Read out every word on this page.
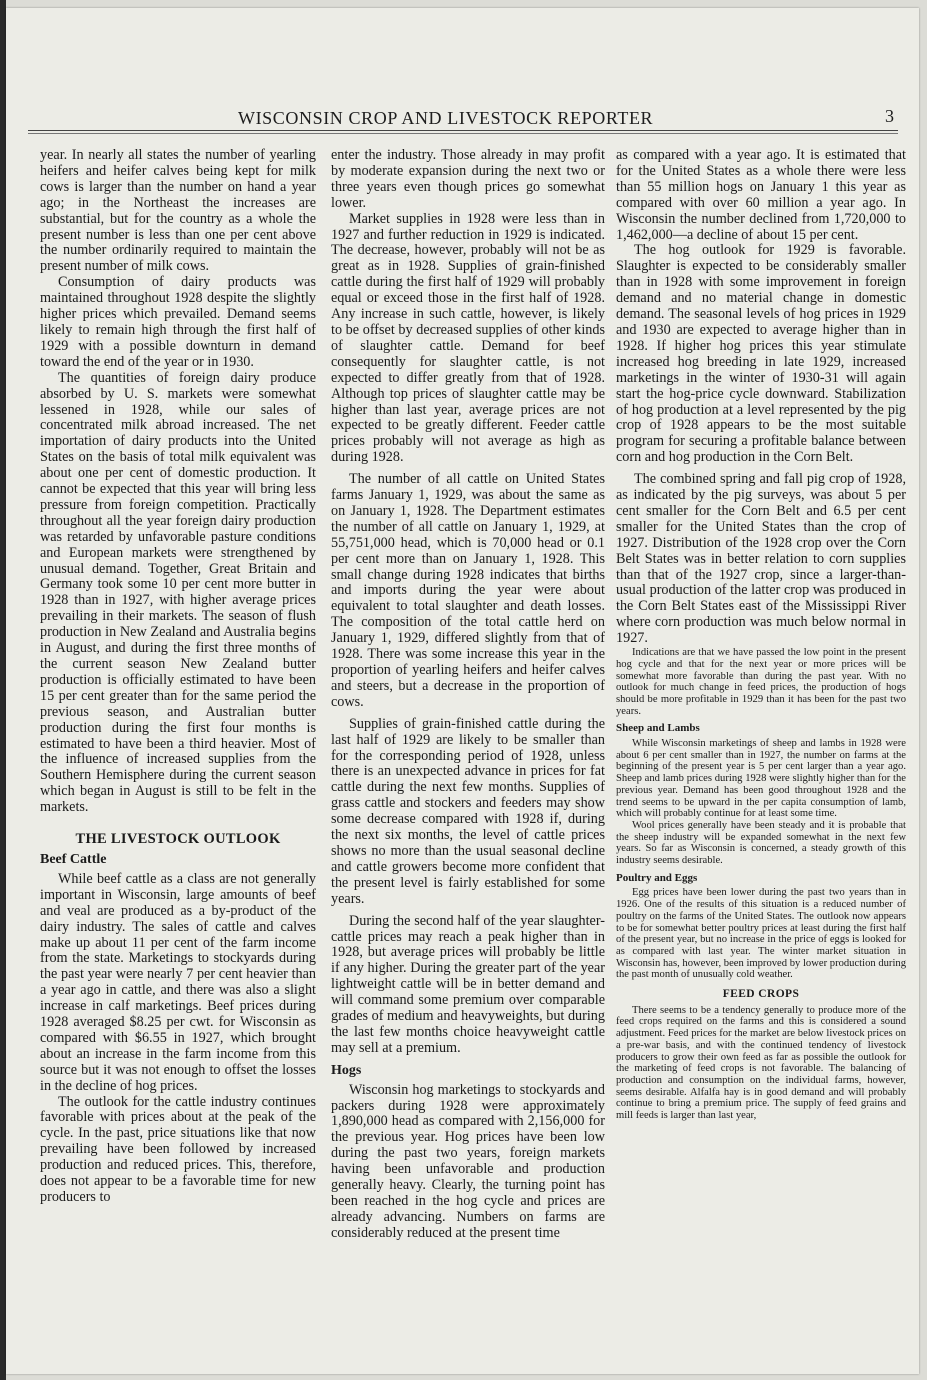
WISCONSIN CROP AND LIVESTOCK REPORTER	3

year. In nearly all states the number of yearling heifers and heifer calves being kept for milk cows is larger than the number on hand a year ago; in the Northeast the increases are substantial, but for the country as a whole the present number is less than one per cent above the number ordinarily required to maintain the present number of milk cows.

Consumption of dairy products was maintained throughout 1928 despite the slightly higher prices which prevailed. Demand seems likely to remain high through the first half of 1929 with a possible downturn in demand toward the end of the year or in 1930.

The quantities of foreign dairy produce absorbed by U. S. markets were somewhat lessened in 1928, while our sales of concentrated milk abroad increased. The net importation of dairy products into the United States on the basis of total milk equivalent was about one per cent of domestic production. It cannot be expected that this year will bring less pressure from foreign competition. Practically throughout all the year foreign dairy production was retarded by unfavorable pasture conditions and European markets were strengthened by unusual demand. Together, Great Britain and Germany took some 10 per cent more butter in 1928 than in 1927, with higher average prices prevailing in their markets. The season of flush production in New Zealand and Australia begins in August, and during the first three months of the current season New Zealand butter production is officially estimated to have been 15 per cent greater than for the same period the previous season, and Australian butter production during the first four months is estimated to have been a third heavier. Most of the influence of increased supplies from the Southern Hemisphere during the current season which began in August is still to be felt in the markets.

THE LIVESTOCK OUTLOOK
Beef Cattle

While beef cattle as a class are not generally important in Wisconsin, large amounts of beef and veal are produced as a by-product of the dairy industry. The sales of cattle and calves make up about 11 per cent of the farm income from the state. Marketings to stockyards during the past year were nearly 7 per cent heavier than a year ago in cattle, and there was also a slight increase in calf marketings. Beef prices during 1928 averaged $8.25 per cwt. for Wisconsin as compared with $6.55 in 1927, which brought about an increase in the farm income from this source but it was not enough to offset the losses in the decline of hog prices.

The outlook for the cattle industry continues favorable with prices about at the peak of the cycle. In the past, price situations like that now prevailing have been followed by increased production and reduced prices. This, therefore, does not appear to be a favorable time for new producers to

enter the industry. Those already in may profit by moderate expansion during the next two or three years even though prices go somewhat lower.

Market supplies in 1928 were less than in 1927 and further reduction in 1929 is indicated. The decrease, however, probably will not be as great as in 1928. Supplies of grain-finished cattle during the first half of 1929 will probably equal or exceed those in the first half of 1928. Any increase in such cattle, however, is likely to be offset by decreased supplies of other kinds of slaughter cattle. Demand for beef consequently for slaughter cattle, is not expected to differ greatly from that of 1928. Although top prices of slaughter cattle may be higher than last year, average prices are not expected to be greatly different. Feeder cattle prices probably will not average as high as during 1928.

The number of all cattle on United States farms January 1, 1929, was about the same as on January 1, 1928. The Department estimates the number of all cattle on January 1, 1929, at 55,751,000 head, which is 70,000 head or 0.1 per cent more than on January 1, 1928. This small change during 1928 indicates that births and imports during the year were about equivalent to total slaughter and death losses. The composition of the total cattle herd on January 1, 1929, differed slightly from that of 1928. There was some increase this year in the proportion of yearling heifers and heifer calves and steers, but a decrease in the proportion of cows.

Supplies of grain-finished cattle during the last half of 1929 are likely to be smaller than for the corresponding period of 1928, unless there is an unexpected advance in prices for fat cattle during the next few months. Supplies of grass cattle and stockers and feeders may show some decrease compared with 1928 if, during the next six months, the level of cattle prices shows no more than the usual seasonal decline and cattle growers become more confident that the present level is fairly established for some years.

During the second half of the year slaughter-cattle prices may reach a peak higher than in 1928, but average prices will probably be little if any higher. During the greater part of the year lightweight cattle will be in better demand and will command some premium over comparable grades of medium and heavyweights, but during the last few months choice heavyweight cattle may sell at a premium.

Hogs

Wisconsin hog marketings to stockyards and packers during 1928 were approximately 1,890,000 head as compared with 2,156,000 for the previous year. Hog prices have been low during the past two years, foreign markets having been unfavorable and production generally heavy. Clearly, the turning point has been reached in the hog cycle and prices are already advancing. Numbers on farms are considerably reduced at the present time

as compared with a year ago. It is estimated that for the United States as a whole there were less than 55 million hogs on January 1 this year as compared with over 60 million a year ago. In Wisconsin the number declined from 1,720,000 to 1,462,000—a decline of about 15 per cent.

The hog outlook for 1929 is favorable. Slaughter is expected to be considerably smaller than in 1928 with some improvement in foreign demand and no material change in domestic demand. The seasonal levels of hog prices in 1929 and 1930 are expected to average higher than in 1928. If higher hog prices this year stimulate increased hog breeding in late 1929, increased marketings in the winter of 1930-31 will again start the hog-price cycle downward. Stabilization of hog production at a level represented by the pig crop of 1928 appears to be the most suitable program for securing a profitable balance between corn and hog production in the Corn Belt.

The combined spring and fall pig crop of 1928, as indicated by the pig surveys, was about 5 per cent smaller for the Corn Belt and 6.5 per cent smaller for the United States than the crop of 1927. Distribution of the 1928 crop over the Corn Belt States was in better relation to corn supplies than that of the 1927 crop, since a larger-than-usual production of the latter crop was produced in the Corn Belt States east of the Mississippi River where corn production was much below normal in 1927.

Indications are that we have passed the low point in the present hog cycle and that for the next year or more prices will be somewhat more favorable than during the past year. With no outlook for much change in feed prices, the production of hogs should be more profitable in 1929 than it has been for the past two years.

Sheep and Lambs

While Wisconsin marketings of sheep and lambs in 1928 were about 6 per cent smaller than in 1927, the number on farms at the beginning of the present year is 5 per cent larger than a year ago. Sheep and lamb prices during 1928 were slightly higher than for the previous year. Demand has been good throughout 1928 and the trend seems to be upward in the per capita consumption of lamb, which will probably continue for at least some time.

Wool prices generally have been steady and it is probable that the sheep industry will be expanded somewhat in the next few years. So far as Wisconsin is concerned, a steady growth of this industry seems desirable.

Poultry and Eggs

Egg prices have been lower during the past two years than in 1926. One of the results of this situation is a reduced number of poultry on the farms of the United States. The outlook now appears to be for somewhat better poultry prices at least during the first half of the present year, but no increase in the price of eggs is looked for as compared with last year. The winter market situation in Wisconsin has, however, been improved by lower production during the past month of unusually cold weather.

FEED CROPS

There seems to be a tendency generally to produce more of the feed crops required on the farms and this is considered a sound adjustment. Feed prices for the market are below livestock prices on a pre-war basis, and with the continued tendency of livestock producers to grow their own feed as far as possible the outlook for the marketing of feed crops is not favorable. The balancing of production and consumption on the individual farms, however, seems desirable. Alfalfa hay is in good demand and will probably continue to bring a premium price. The supply of feed grains and mill feeds is larger than last year,
